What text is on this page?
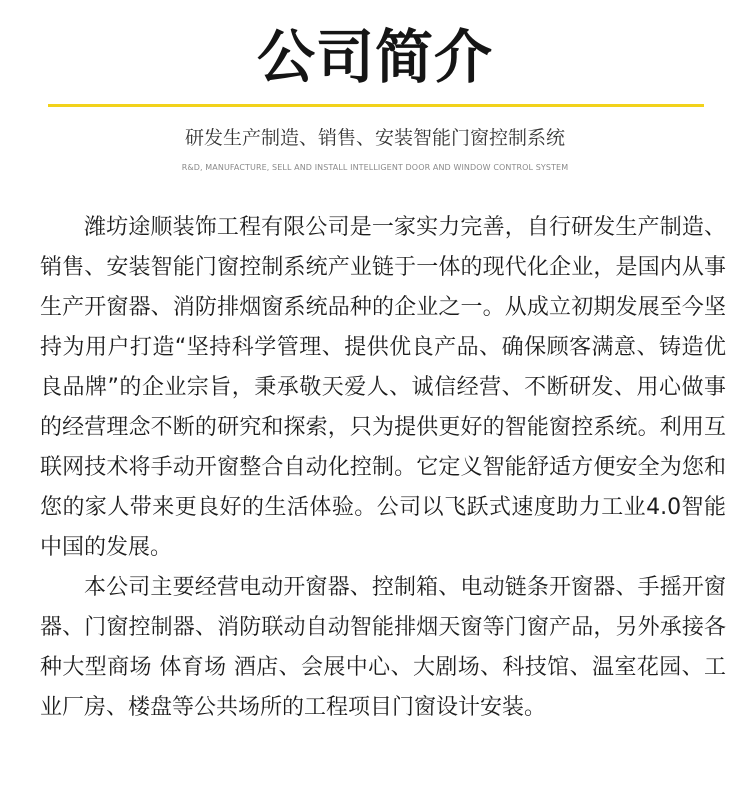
公司简介
研发生产制造、销售、安装智能门窗控制系统
R&D, MANUFACTURE, SELL AND INSTALL INTELLIGENT DOOR AND WINDOW CONTROL SYSTEM

潍坊途顺装饰工程有限公司是一家实力完善，自行研发生产制造、销售、安装智能门窗控制系统产业链于一体的现代化企业，是国内从事生产开窗器、消防排烟窗系统品种的企业之一。从成立初期发展至今坚持为用户打造“坚持科学管理、提供优良产品、确保顾客满意、铸造优良品牌”的企业宗旨，秉承敬天爱人、诚信经营、不断研发、用心做事的经营理念不断的研究和探索，只为提供更好的智能窗控系统。利用互联网技术将手动开窗整合自动化控制。它定义智能舒适方便安全为您和您的家人带来更良好的生活体验。公司以飞跃式速度助力工业4.0智能中国的发展。

本公司主要经营电动开窗器、控制箱、电动链条开窗器、手摇开窗器、门窗控制器、消防联动自动智能排烟天窗等门窗产品，另外承接各种大型商场 体育场 酒店、会展中心、大剧场、科技馆、温室花园、工业厂房、楼盘等公共场所的工程项目门窗设计安装。
